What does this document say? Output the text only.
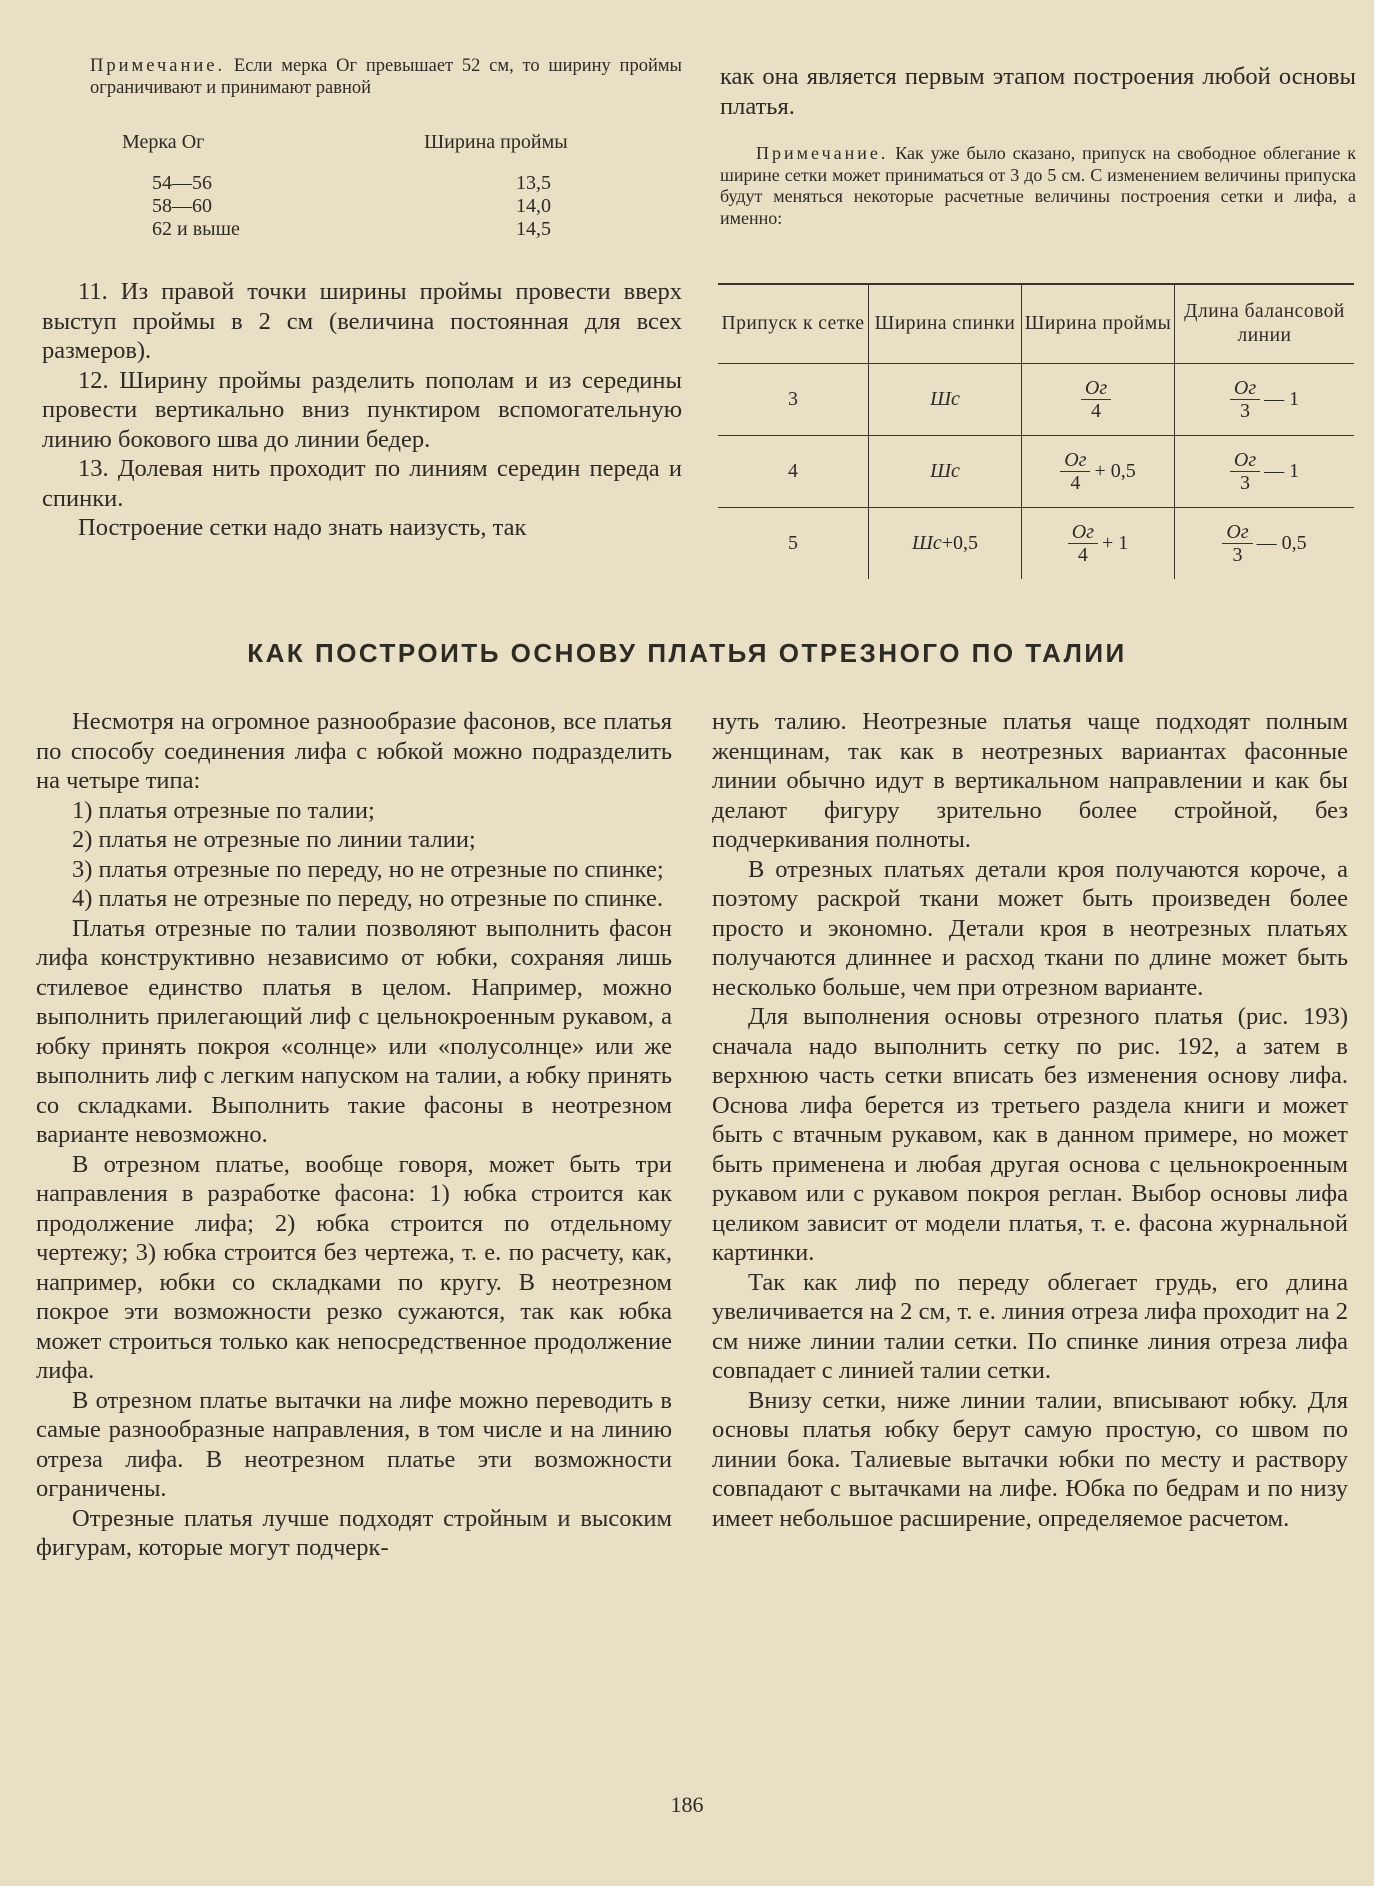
Примечание. Если мерка Ог превышает 52 см, то ширину проймы ограничивают и принимают равной

Мерка Ог	Ширина проймы
54—56	13,5
58—60	14,0
62 и выше	14,5

11. Из правой точки ширины проймы провести вверх выступ проймы в 2 см (величина постоянная для всех размеров).

12. Ширину проймы разделить пополам и из середины провести вертикально вниз пунктиром вспомогательную линию бокового шва до линии бедер.

13. Долевая нить проходит по линиям середин переда и спинки.

Построение сетки надо знать наизусть, так

как она является первым этапом построения любой основы платья.

Примечание. Как уже было сказано, припуск на свободное облегание к ширине сетки может приниматься от 3 до 5 см. С изменением величины припуска будут меняться некоторые расчетные величины построения сетки и лифа, а именно:

Припуск к сетке	Ширина спинки	Ширина проймы	Длина балансовой линии
3	Шс	$\frac{Ог}{4}$	$\frac{Ог}{3}$ — 1
4	Шс	$\frac{Ог}{4} + 0,5$	$\frac{Ог}{3}$ — 1
5	Шс+0,5	$\frac{Ог}{4} + 1$	$\frac{Ог}{3}$ — 0,5
КАК ПОСТРОИТЬ ОСНОВУ ПЛАТЬЯ ОТРЕЗНОГО ПО ТАЛИИ

Несмотря на огромное разнообразие фасонов, все платья по способу соединения лифа с юбкой можно подразделить на четыре типа:

1) платья отрезные по талии;

2) платья не отрезные по линии талии;

3) платья отрезные по переду, но не отрезные по спинке;

4) платья не отрезные по переду, но отрезные по спинке.

Платья отрезные по талии позволяют выполнить фасон лифа конструктивно независимо от юбки, сохраняя лишь стилевое единство платья в целом. Например, можно выполнить прилегающий лиф с цельнокроенным рукавом, а юбку принять покроя «солнце» или «полусолнце» или же выполнить лиф с легким напуском на талии, а юбку принять со складками. Выполнить такие фасоны в неотрезном варианте невозможно.

В отрезном платье, вообще говоря, может быть три направления в разработке фасона: 1) юбка строится как продолжение лифа; 2) юбка строится по отдельному чертежу; 3) юбка строится без чертежа, т. е. по расчету, как, например, юбки со складками по кругу. В неотрезном покрое эти возможности резко сужаются, так как юбка может строиться только как непосредственное продолжение лифа.

В отрезном платье вытачки на лифе можно переводить в самые разнообразные направления, в том числе и на линию отреза лифа. В неотрезном платье эти возможности ограничены.

Отрезные платья лучше подходят стройным и высоким фигурам, которые могут подчерк-

нуть талию. Неотрезные платья чаще подходят полным женщинам, так как в неотрезных вариантах фасонные линии обычно идут в вертикальном направлении и как бы делают фигуру зрительно более стройной, без подчеркивания полноты.

В отрезных платьях детали кроя получаются короче, а поэтому раскрой ткани может быть произведен более просто и экономно. Детали кроя в неотрезных платьях получаются длиннее и расход ткани по длине может быть несколько больше, чем при отрезном варианте.

Для выполнения основы отрезного платья (рис. 193) сначала надо выполнить сетку по рис. 192, а затем в верхнюю часть сетки вписать без изменения основу лифа. Основа лифа берется из третьего раздела книги и может быть с втачным рукавом, как в данном примере, но может быть применена и любая другая основа с цельнокроенным рукавом или с рукавом покроя реглан. Выбор основы лифа целиком зависит от модели платья, т. е. фасона журнальной картинки.

Так как лиф по переду облегает грудь, его длина увеличивается на 2 см, т. е. линия отреза лифа проходит на 2 см ниже линии талии сетки. По спинке линия отреза лифа совпадает с линией талии сетки.

Внизу сетки, ниже линии талии, вписывают юбку. Для основы платья юбку берут самую простую, со швом по линии бока. Талиевые вытачки юбки по месту и раствору совпадают с вытачками на лифе. Юбка по бедрам и по низу имеет небольшое расширение, определяемое расчетом.

186
